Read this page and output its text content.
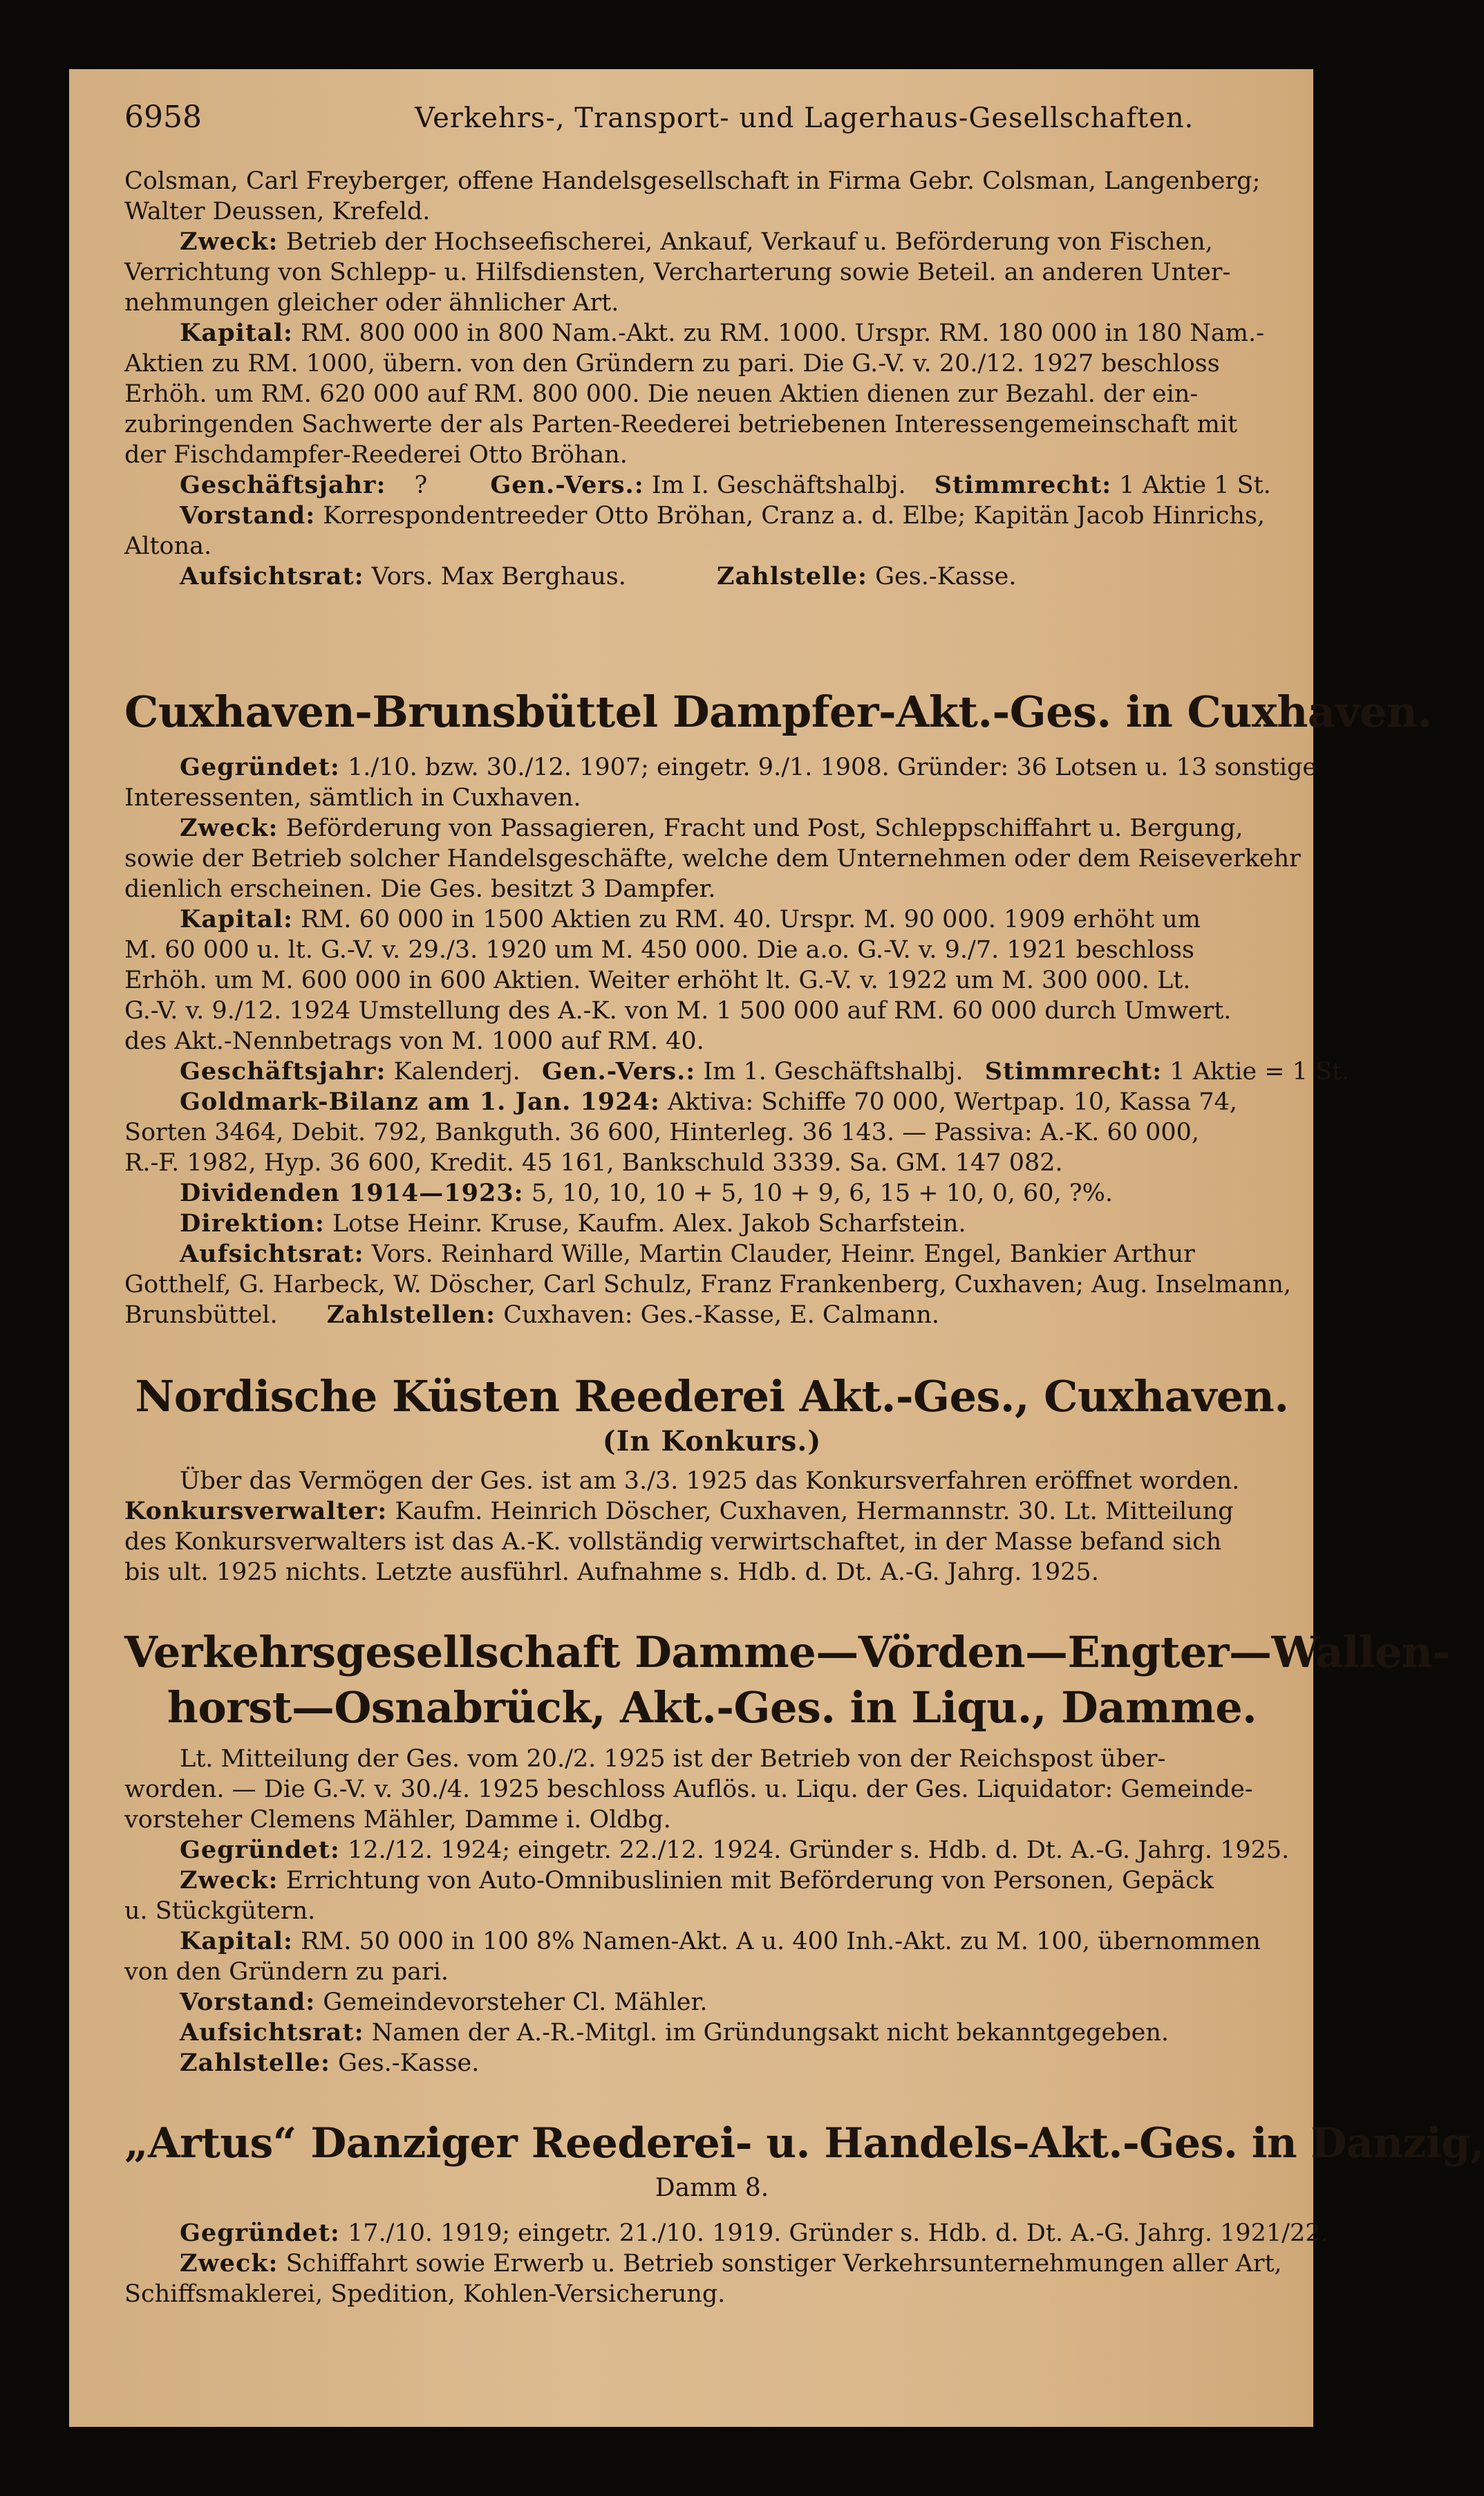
6958	Verkehrs-, Transport- und Lagerhaus-Gesellschaften.

Colsman, Carl Freyberger, offene Handelsgesellschaft in Firma Gebr. Colsman, Langenberg;

Walter Deussen, Krefeld.

Zweck: Betrieb der Hochseefischerei, Ankauf, Verkauf u. Beförderung von Fischen,

Verrichtung von Schlepp- u. Hilfsdiensten, Vercharterung sowie Beteil. an anderen Unter-

nehmungen gleicher oder ähnlicher Art.

Kapital: RM. 800 000 in 800 Nam.-Akt. zu RM. 1000. Urspr. RM. 180 000 in 180 Nam.-

Aktien zu RM. 1000, übern. von den Gründern zu pari. Die G.-V. v. 20./12. 1927 beschloss

Erhöh. um RM. 620 000 auf RM. 800 000. Die neuen Aktien dienen zur Bezahl. der ein-

zubringenden Sachwerte der als Parten-Reederei betriebenen Interessengemeinschaft mit

der Fischdampfer-Reederei Otto Bröhan.

Geschäftsjahr: ?	Gen.-Vers.: Im I. Geschäftshalbj. Stimmrecht: 1 Aktie 1 St.

Vorstand: Korrespondentreeder Otto Bröhan, Cranz a. d. Elbe; Kapitän Jacob Hinrichs,

Altona.

Aufsichtsrat: Vors. Max Berghaus.	Zahlstelle: Ges.-Kasse.

Cuxhaven-Brunsbüttel Dampfer-Akt.-Ges. in Cuxhaven.

Gegründet: 1./10. bzw. 30./12. 1907; eingetr. 9./1. 1908. Gründer: 36 Lotsen u. 13 sonstige

Interessenten, sämtlich in Cuxhaven.

Zweck: Beförderung von Passagieren, Fracht und Post, Schleppschiffahrt u. Bergung,

sowie der Betrieb solcher Handelsgeschäfte, welche dem Unternehmen oder dem Reiseverkehr

dienlich erscheinen. Die Ges. besitzt 3 Dampfer.

Kapital: RM. 60 000 in 1500 Aktien zu RM. 40. Urspr. M. 90 000. 1909 erhöht um

M. 60 000 u. lt. G.-V. v. 29./3. 1920 um M. 450 000. Die a.o. G.-V. v. 9./7. 1921 beschloss

Erhöh. um M. 600 000 in 600 Aktien. Weiter erhöht lt. G.-V. v. 1922 um M. 300 000. Lt.

G.-V. v. 9./12. 1924 Umstellung des A.-K. von M. 1 500 000 auf RM. 60 000 durch Umwert.

des Akt.-Nennbetrags von M. 1000 auf RM. 40.

Geschäftsjahr: Kalenderj. Gen.-Vers.: Im 1. Geschäftshalbj. Stimmrecht: 1 Aktie = 1 St.

Goldmark-Bilanz am 1. Jan. 1924: Aktiva: Schiffe 70 000, Wertpap. 10, Kassa 74,

Sorten 3464, Debit. 792, Bankguth. 36 600, Hinterleg. 36 143. — Passiva: A.-K. 60 000,

R.-F. 1982, Hyp. 36 600, Kredit. 45 161, Bankschuld 3339. Sa. GM. 147 082.

Dividenden 1914—1923: 5, 10, 10, 10 + 5, 10 + 9, 6, 15 + 10, 0, 60, ?%.

Direktion: Lotse Heinr. Kruse, Kaufm. Alex. Jakob Scharfstein.

Aufsichtsrat: Vors. Reinhard Wille, Martin Clauder, Heinr. Engel, Bankier Arthur

Gotthelf, G. Harbeck, W. Döscher, Carl Schulz, Franz Frankenberg, Cuxhaven; Aug. Inselmann,

Brunsbüttel. Zahlstellen: Cuxhaven: Ges.-Kasse, E. Calmann.

Nordische Küsten Reederei Akt.-Ges., Cuxhaven.

(In Konkurs.)

Über das Vermögen der Ges. ist am 3./3. 1925 das Konkursverfahren eröffnet worden.

Konkursverwalter: Kaufm. Heinrich Döscher, Cuxhaven, Hermannstr. 30. Lt. Mitteilung

des Konkursverwalters ist das A.-K. vollständig verwirtschaftet, in der Masse befand sich

bis ult. 1925 nichts. Letzte ausführl. Aufnahme s. Hdb. d. Dt. A.-G. Jahrg. 1925.

Verkehrsgesellschaft Damme—Vörden—Engter—Wallen-

horst—Osnabrück, Akt.-Ges. in Liqu., Damme.

Lt. Mitteilung der Ges. vom 20./2. 1925 ist der Betrieb von der Reichspost über-

worden. — Die G.-V. v. 30./4. 1925 beschloss Auflös. u. Liqu. der Ges. Liquidator: Gemeinde-

vorsteher Clemens Mähler, Damme i. Oldbg.

Gegründet: 12./12. 1924; eingetr. 22./12. 1924. Gründer s. Hdb. d. Dt. A.-G. Jahrg. 1925.

Zweck: Errichtung von Auto-Omnibuslinien mit Beförderung von Personen, Gepäck

u. Stückgütern.

Kapital: RM. 50 000 in 100 8% Namen-Akt. A u. 400 Inh.-Akt. zu M. 100, übernommen

von den Gründern zu pari.

Vorstand: Gemeindevorsteher Cl. Mähler.

Aufsichtsrat: Namen der A.-R.-Mitgl. im Gründungsakt nicht bekanntgegeben.

Zahlstelle: Ges.-Kasse.

„Artus“ Danziger Reederei- u. Handels-Akt.-Ges. in Danzig,

Damm 8.

Gegründet: 17./10. 1919; eingetr. 21./10. 1919. Gründer s. Hdb. d. Dt. A.-G. Jahrg. 1921/22.

Zweck: Schiffahrt sowie Erwerb u. Betrieb sonstiger Verkehrsunternehmungen aller Art,

Schiffsmaklerei, Spedition, Kohlen-Versicherung.
